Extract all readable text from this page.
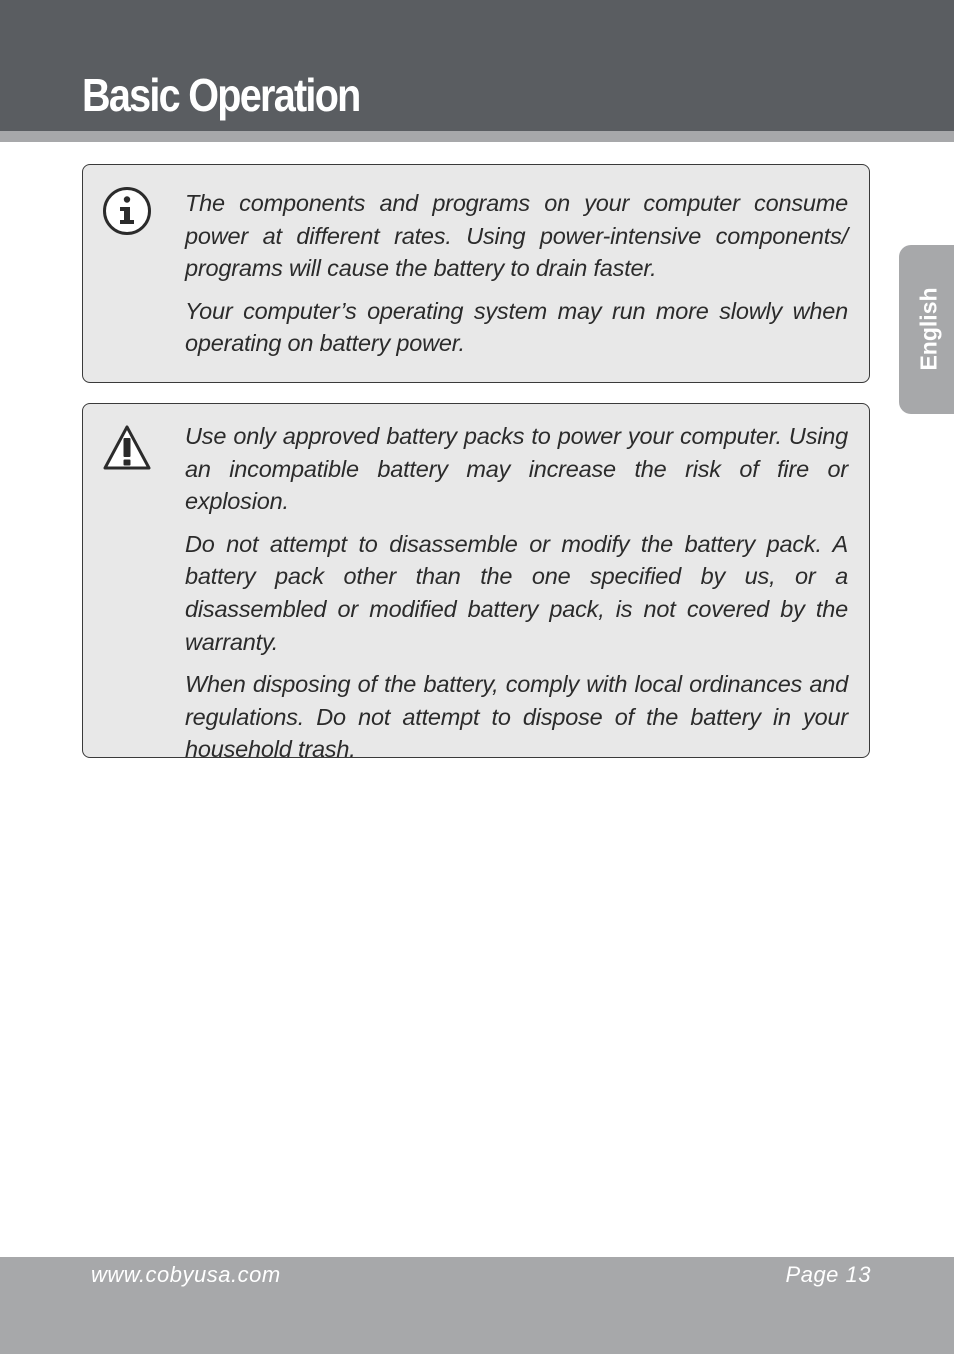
Basic Operation
English

The components and programs on your computer consume power at different rates. Using power-intensive components/ programs will cause the battery to drain faster.

Your computer’s operating system may run more slowly when operating on battery power.

Use only approved battery packs to power your computer. Using an incompatible battery may increase the risk of fire or explosion.

Do not attempt to disassemble or modify the battery pack. A battery pack other than the one specified by us, or a disassembled or modified battery pack, is not covered by the warranty.

When disposing of the battery, comply with local ordinances and regulations. Do not attempt to dispose of the battery in your household trash.

www.cobyusa.com	Page 13
